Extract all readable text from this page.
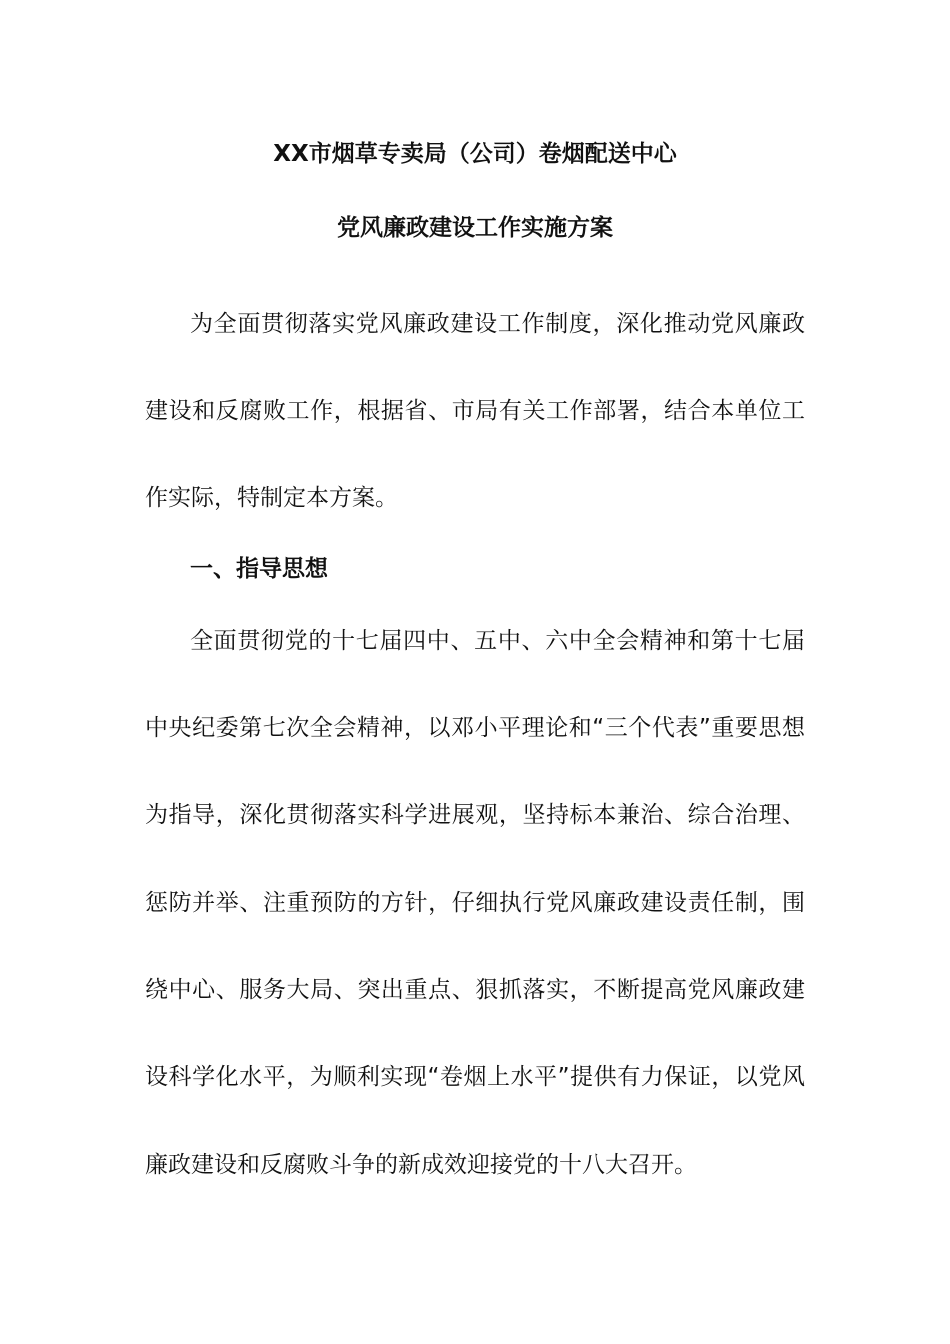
XX市烟草专卖局（公司）卷烟配送中心
党风廉政建设工作实施方案
为全面贯彻落实党风廉政建设工作制度，深化推动党风廉政
建设和反腐败工作，根据省、市局有关工作部署，结合本单位工
作实际，特制定本方案。
一、指导思想
全面贯彻党的十七届四中、五中、六中全会精神和第十七届
中央纪委第七次全会精神，以邓小平理论和“三个代表”重要思想
为指导，深化贯彻落实科学进展观，坚持标本兼治、综合治理、
惩防并举、注重预防的方针，仔细执行党风廉政建设责任制，围
绕中心、服务大局、突出重点、狠抓落实，不断提高党风廉政建
设科学化水平，为顺利实现“卷烟上水平”提供有力保证，以党风
廉政建设和反腐败斗争的新成效迎接党的十八大召开。
